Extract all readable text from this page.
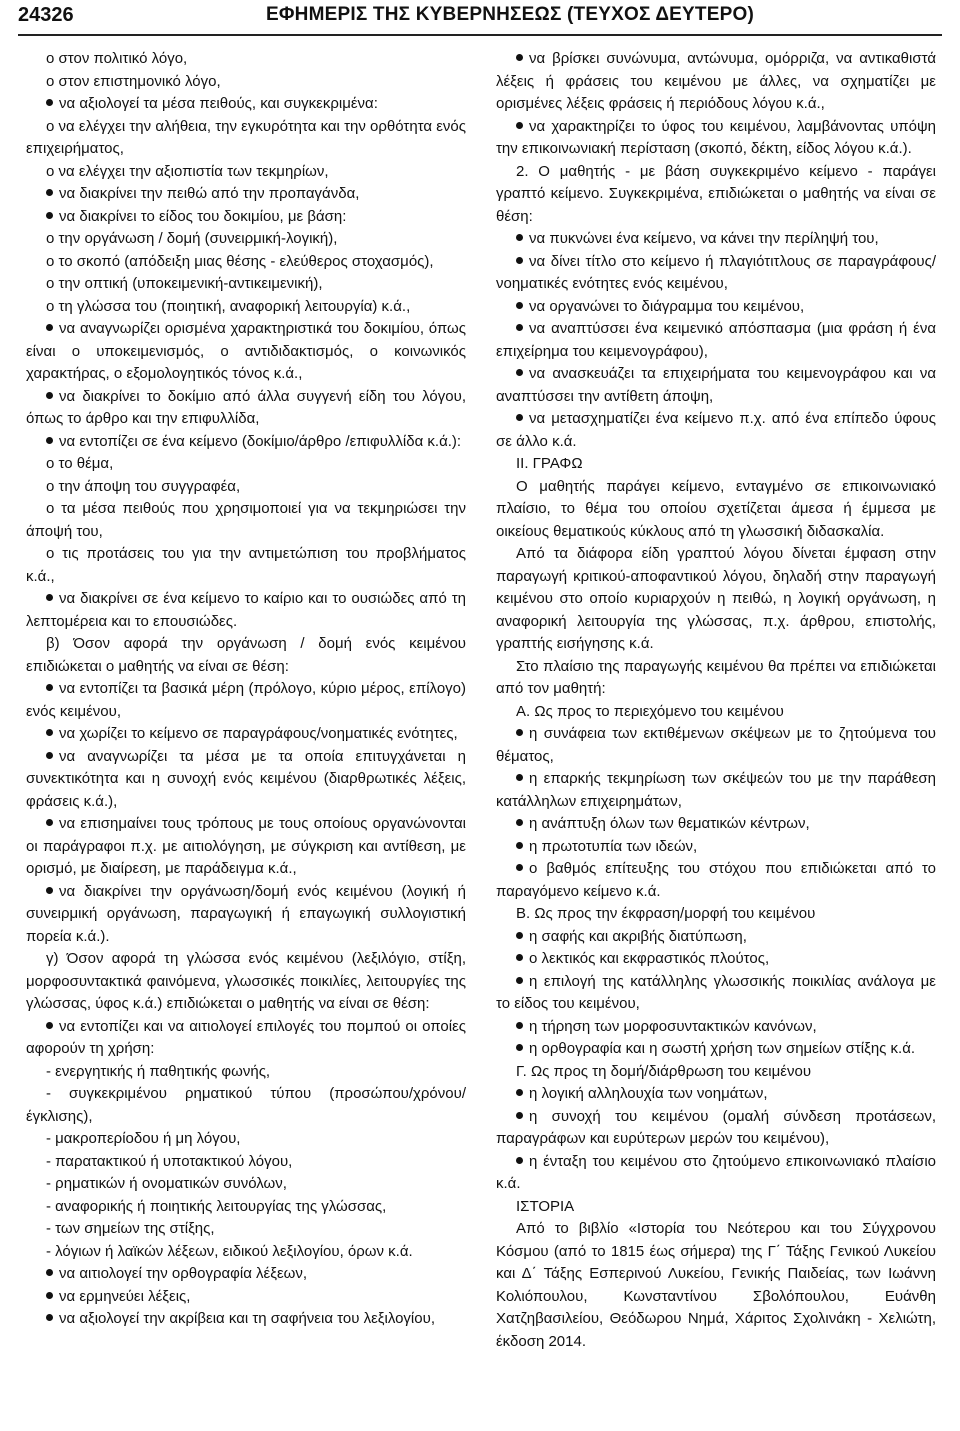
24326	ΕΦΗΜΕΡΙΣ ΤΗΣ ΚΥΒΕΡΝΗΣΕΩΣ (ΤΕΥΧΟΣ ΔΕΥΤΕΡΟ)

ο στον πολιτικό λόγο,

ο στον επιστημονικό λόγο,

να αξιολογεί τα μέσα πειθούς, και συγκεκριμένα:

ο να ελέγχει την αλήθεια, την εγκυρότητα και την ορθότητα ενός επιχειρήματος,

ο να ελέγχει την αξιοπιστία των τεκμηρίων,

να διακρίνει την πειθώ από την προπαγάνδα,

να διακρίνει το είδος του δοκιμίου, με βάση:

ο την οργάνωση / δομή (συνειρμική-λογική),

ο το σκοπό (απόδειξη μιας θέσης - ελεύθερος στοχασμός),

ο την οπτική (υποκειμενική-αντικειμενική),

ο τη γλώσσα του (ποιητική, αναφορική λειτουργία) κ.ά.,

να αναγνωρίζει ορισμένα χαρακτηριστικά του δοκιμίου, όπως είναι ο υποκειμενισμός, ο αντιδιδακτισμός, ο κοινωνικός χαρακτήρας, ο εξομολογητικός τόνος κ.ά.,

να διακρίνει το δοκίμιο από άλλα συγγενή είδη του λόγου, όπως το άρθρο και την επιφυλλίδα,

να εντοπίζει σε ένα κείμενο (δοκίμιο/άρθρο /επιφυλλίδα κ.ά.):

ο το θέμα,

ο την άποψη του συγγραφέα,

ο τα μέσα πειθούς που χρησιμοποιεί για να τεκμηριώσει την άποψή του,

ο τις προτάσεις του για την αντιμετώπιση του προβλήματος κ.ά.,

να διακρίνει σε ένα κείμενο το καίριο και το ουσιώδες από τη λεπτομέρεια και το επουσιώδες.

β) Όσον αφορά την οργάνωση / δομή ενός κειμένου επιδιώκεται ο μαθητής να είναι σε θέση:

να εντοπίζει τα βασικά μέρη (πρόλογο, κύριο μέρος, επίλογο) ενός κειμένου,

να χωρίζει το κείμενο σε παραγράφους/νοηματικές ενότητες,

να αναγνωρίζει τα μέσα με τα οποία επιτυγχάνεται η συνεκτικότητα και η συνοχή ενός κειμένου (διαρθρωτικές λέξεις, φράσεις κ.ά.),

να επισημαίνει τους τρόπους με τους οποίους οργανώνονται οι παράγραφοι π.χ. με αιτιολόγηση, με σύγκριση και αντίθεση, με ορισμό, με διαίρεση, με παράδειγμα κ.ά.,

να διακρίνει την οργάνωση/δομή ενός κειμένου (λογική ή συνειρμική οργάνωση, παραγωγική ή επαγωγική συλλογιστική πορεία κ.ά.).

γ) Όσον αφορά τη γλώσσα ενός κειμένου (λεξιλόγιο, στίξη, μορφοσυντακτικά φαινόμενα, γλωσσικές ποικιλίες, λειτουργίες της γλώσσας, ύφος κ.ά.) επιδιώκεται ο μαθητής να είναι σε θέση:

να εντοπίζει και να αιτιολογεί επιλογές του πομπού οι οποίες αφορούν τη χρήση:

- ενεργητικής ή παθητικής φωνής,

- συγκεκριμένου ρηματικού τύπου (προσώπου/χρόνου/έγκλισης),

- μακροπερίοδου ή μη λόγου,

- παρατακτικού ή υποτακτικού λόγου,

- ρηματικών ή ονοματικών συνόλων,

- αναφορικής ή ποιητικής λειτουργίας της γλώσσας,

- των σημείων της στίξης,

- λόγιων ή λαϊκών λέξεων, ειδικού λεξιλογίου, όρων κ.ά.

να αιτιολογεί την ορθογραφία λέξεων,

να ερμηνεύει λέξεις,

να αξιολογεί την ακρίβεια και τη σαφήνεια του λεξιλογίου,

να βρίσκει συνώνυμα, αντώνυμα, ομόρριζα, να αντικαθιστά λέξεις ή φράσεις του κειμένου με άλλες, να σχηματίζει με ορισμένες λέξεις φράσεις ή περιόδους λόγου κ.ά.,

να χαρακτηρίζει το ύφος του κειμένου, λαμβάνοντας υπόψη την επικοινωνιακή περίσταση (σκοπό, δέκτη, είδος λόγου κ.ά.).

2. Ο μαθητής - με βάση συγκεκριμένο κείμενο - παράγει γραπτό κείμενο. Συγκεκριμένα, επιδιώκεται ο μαθητής να είναι σε θέση:

να πυκνώνει ένα κείμενο, να κάνει την περίληψή του,

να δίνει τίτλο στο κείμενο ή πλαγιότιτλους σε παραγράφους/νοηματικές ενότητες ενός κειμένου,

να οργανώνει το διάγραμμα του κειμένου,

να αναπτύσσει ένα κειμενικό απόσπασμα (μια φράση ή ένα επιχείρημα του κειμενογράφου),

να ανασκευάζει τα επιχειρήματα του κειμενογράφου και να αναπτύσσει την αντίθετη άποψη,

να μετασχηματίζει ένα κείμενο π.χ. από ένα επίπεδο ύφους σε άλλο κ.ά.

ΙΙ. ΓΡΑΦΩ

Ο μαθητής παράγει κείμενο, ενταγμένο σε επικοινωνιακό πλαίσιο, το θέμα του οποίου σχετίζεται άμεσα ή έμμεσα με οικείους θεματικούς κύκλους από τη γλωσσική διδασκαλία.

Από τα διάφορα είδη γραπτού λόγου δίνεται έμφαση στην παραγωγή κριτικού-αποφαντικού λόγου, δηλαδή στην παραγωγή κειμένου στο οποίο κυριαρχούν η πειθώ, η λογική οργάνωση, η αναφορική λειτουργία της γλώσσας, π.χ. άρθρου, επιστολής, γραπτής εισήγησης κ.ά.

Στο πλαίσιο της παραγωγής κειμένου θα πρέπει να επιδιώκεται από τον μαθητή:

Α. Ως προς το περιεχόμενο του κειμένου

η συνάφεια των εκτιθέμενων σκέψεων με το ζητούμενα του θέματος,

η επαρκής τεκμηρίωση των σκέψεών του με την παράθεση κατάλληλων επιχειρημάτων,

η ανάπτυξη όλων των θεματικών κέντρων,

η πρωτοτυπία των ιδεών,

ο βαθμός επίτευξης του στόχου που επιδιώκεται από το παραγόμενο κείμενο κ.ά.

Β. Ως προς την έκφραση/μορφή του κειμένου

η σαφής και ακριβής διατύπωση,

ο λεκτικός και εκφραστικός πλούτος,

η επιλογή της κατάλληλης γλωσσικής ποικιλίας ανάλογα με το είδος του κειμένου,

η τήρηση των μορφοσυντακτικών κανόνων,

η ορθογραφία και η σωστή χρήση των σημείων στίξης κ.ά.

Γ. Ως προς τη δομή/διάρθρωση του κειμένου

η λογική αλληλουχία των νοημάτων,

η συνοχή του κειμένου (ομαλή σύνδεση προτάσεων, παραγράφων και ευρύτερων μερών του κειμένου),

η ένταξη του κειμένου στο ζητούμενο επικοινωνιακό πλαίσιο κ.ά.

ΙΣΤΟΡΙΑ

Από το βιβλίο «Ιστορία του Νεότερου και του Σύγχρονου Κόσμου (από το 1815 έως σήμερα) της Γ΄ Τάξης Γενικού Λυκείου και Δ΄ Τάξης Εσπερινού Λυκείου, Γενικής Παιδείας, των Ιωάννη Κολιόπουλου, Κωνσταντίνου Σβολόπουλου, Ευάνθη Χατζηβασιλείου, Θεόδωρου Νημά, Χάριτος Σχολινάκη - Χελιώτη, έκδοση 2014.
